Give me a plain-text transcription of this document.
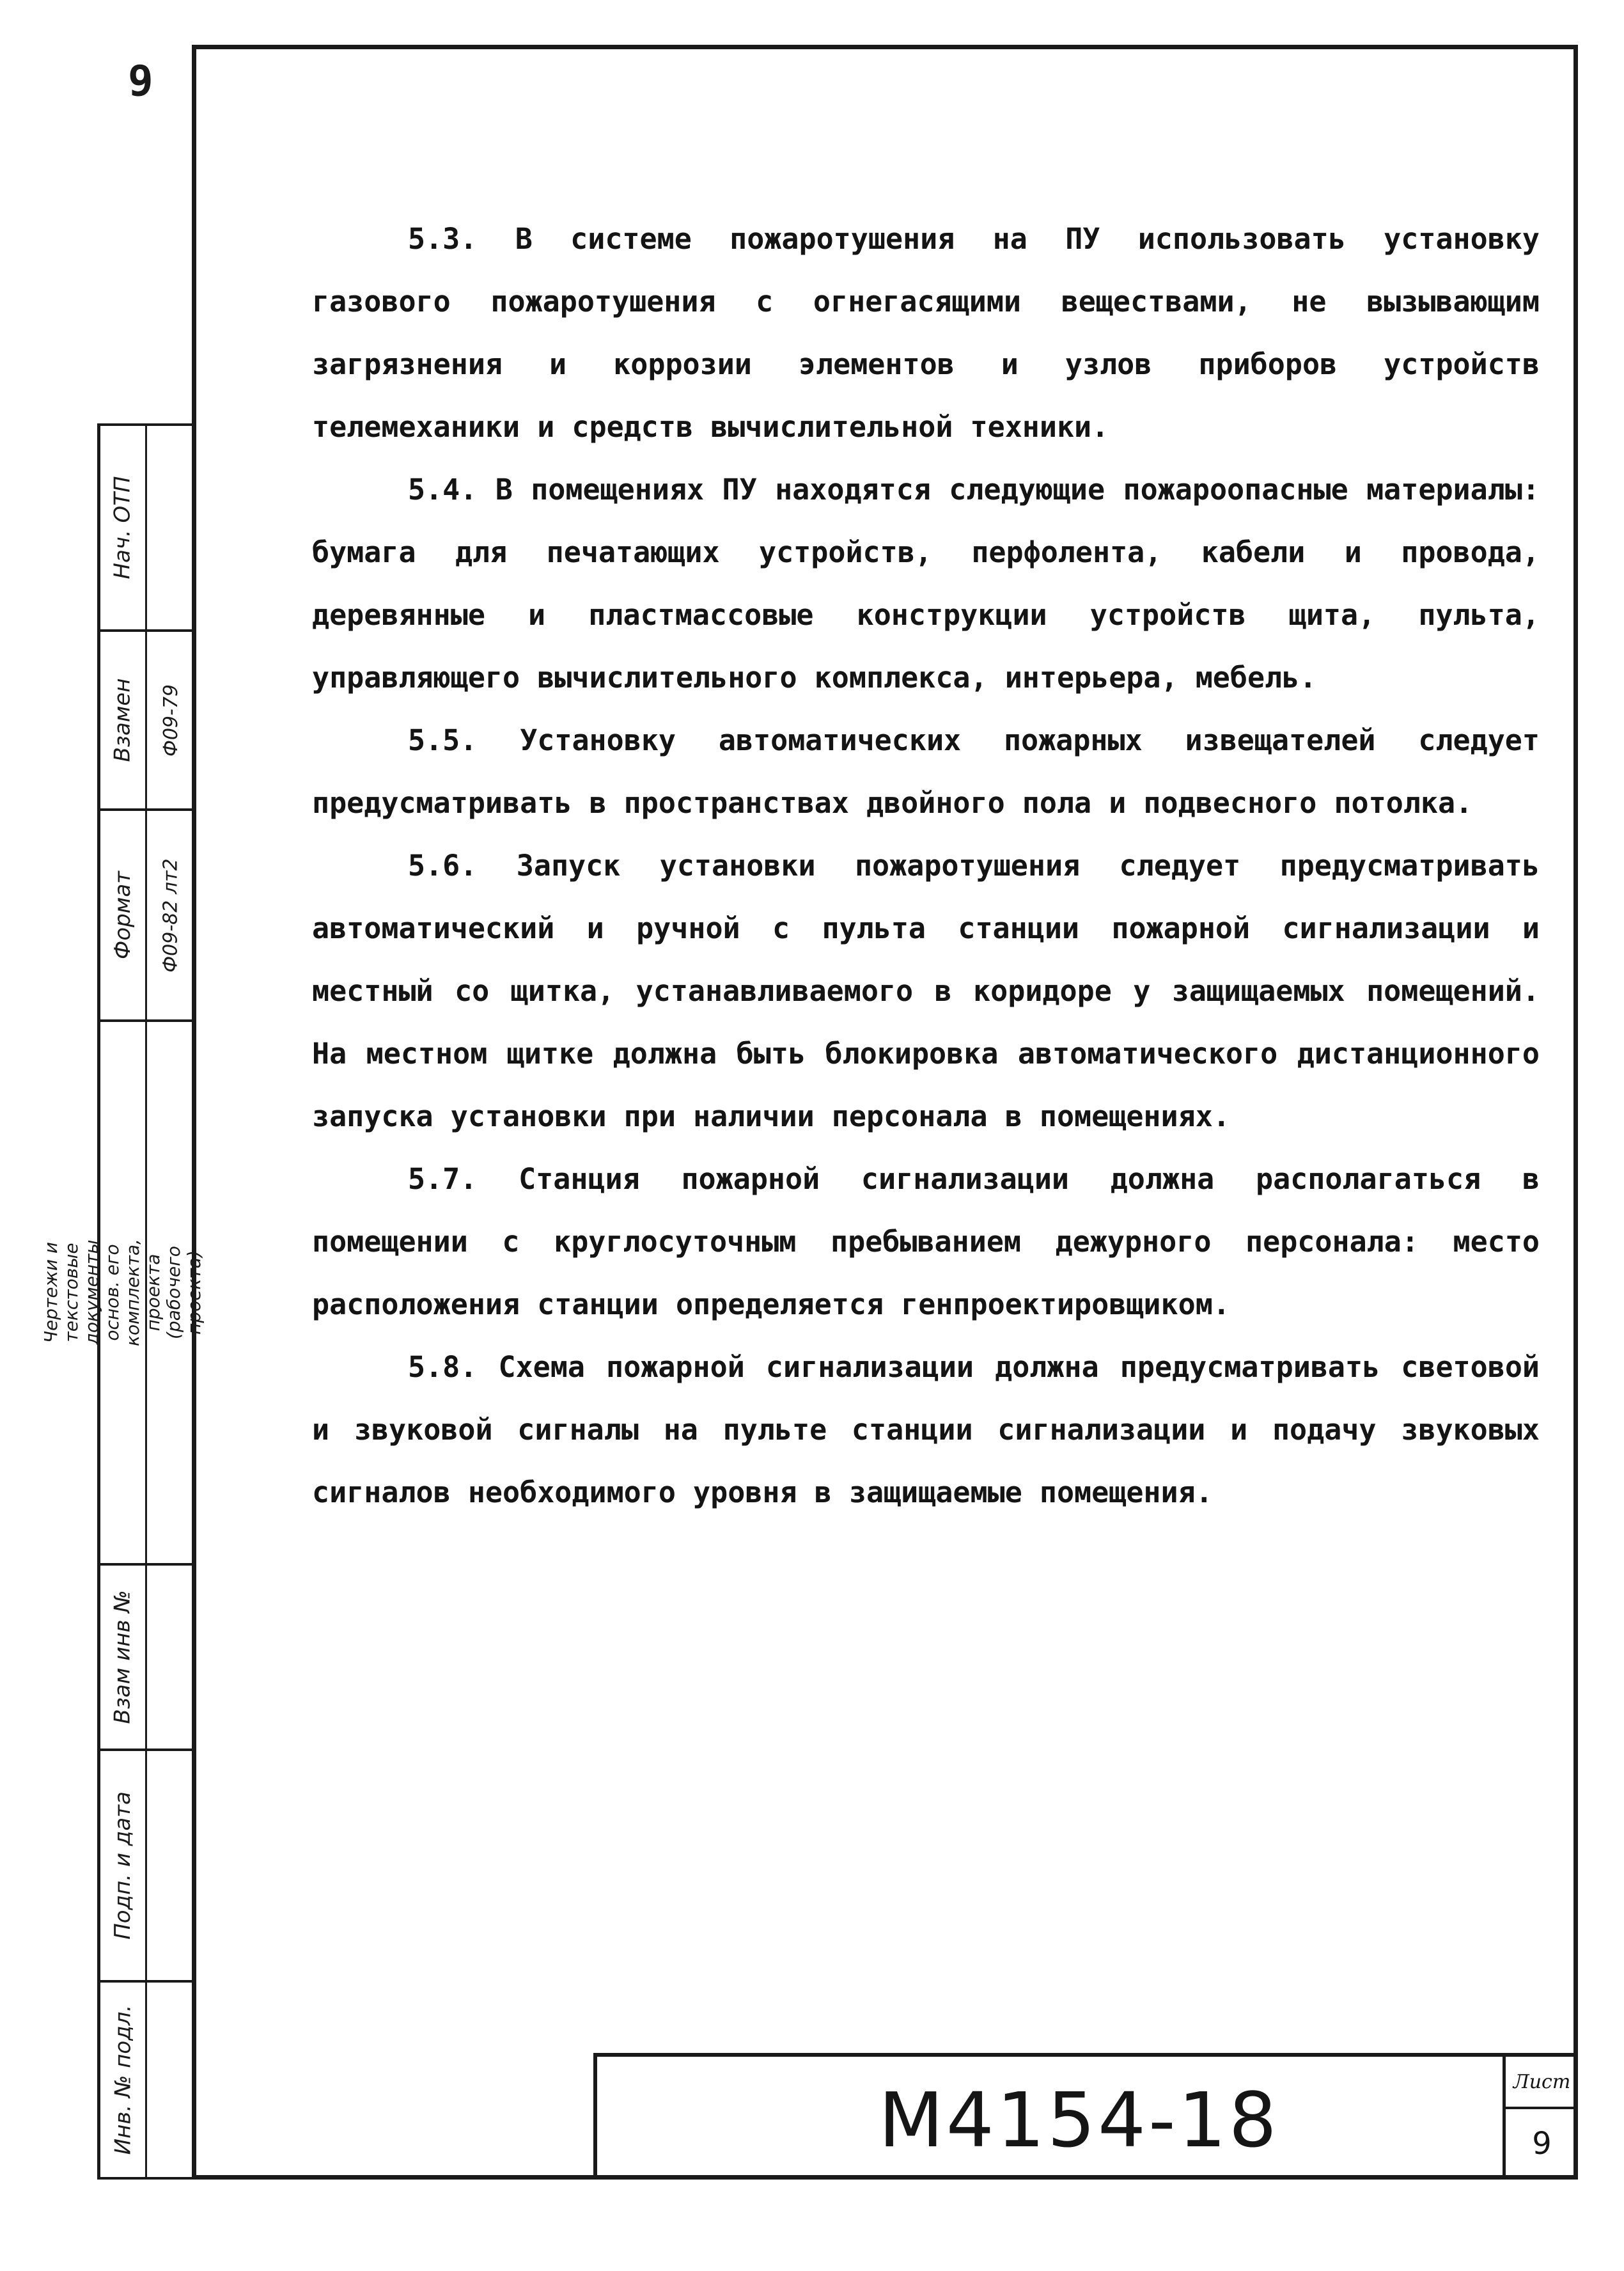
9

5.3. В системе пожаротушения на ПУ использовать установку газового пожаротушения с огнегасящими веществами, не вызывающим загрязнения и коррозии элементов и узлов приборов устройств телемеханики и средств вычислительной техники.

5.4. В помещениях ПУ находятся следующие пожароопасные материалы: бумага для печатающих устройств, перфолента, кабели и провода, деревянные и пластмассовые конструкции устройств щита, пульта, управляющего вычислительного комплекса, интерьера, мебель.

5.5. Установку автоматических пожарных извещателей следует предусматривать в пространствах двойного пола и подвесного потолка.

5.6. Запуск установки пожаротушения следует предусматривать автоматический и ручной с пульта станции пожарной сигнализации и местный со щитка, устанавливаемого в коридоре у защищаемых помещений. На местном щитке должна быть блокировка автоматического дистанционного запуска установки при наличии персонала в помещениях.

5.7. Станция пожарной сигнализации должна располагаться в помещении с круглосуточным пребыванием дежурного персонала: место расположения станции определяется генпроектировщиком.

5.8. Схема пожарной сигнализации должна предусматривать световой и звуковой сигналы на пульте станции сигнализации и подачу звуковых сигналов необходимого уровня в защищаемые помещения.

Нач. ОТП
Взамен Ф09-79
Формат Ф09-82 лт2
Чертежи и текстовые документы основ. его комплекта, проекта (рабочего проекта)
Взам инв №
Подп. и дата
Инв. № подл.	M4154-18	Лист
9
